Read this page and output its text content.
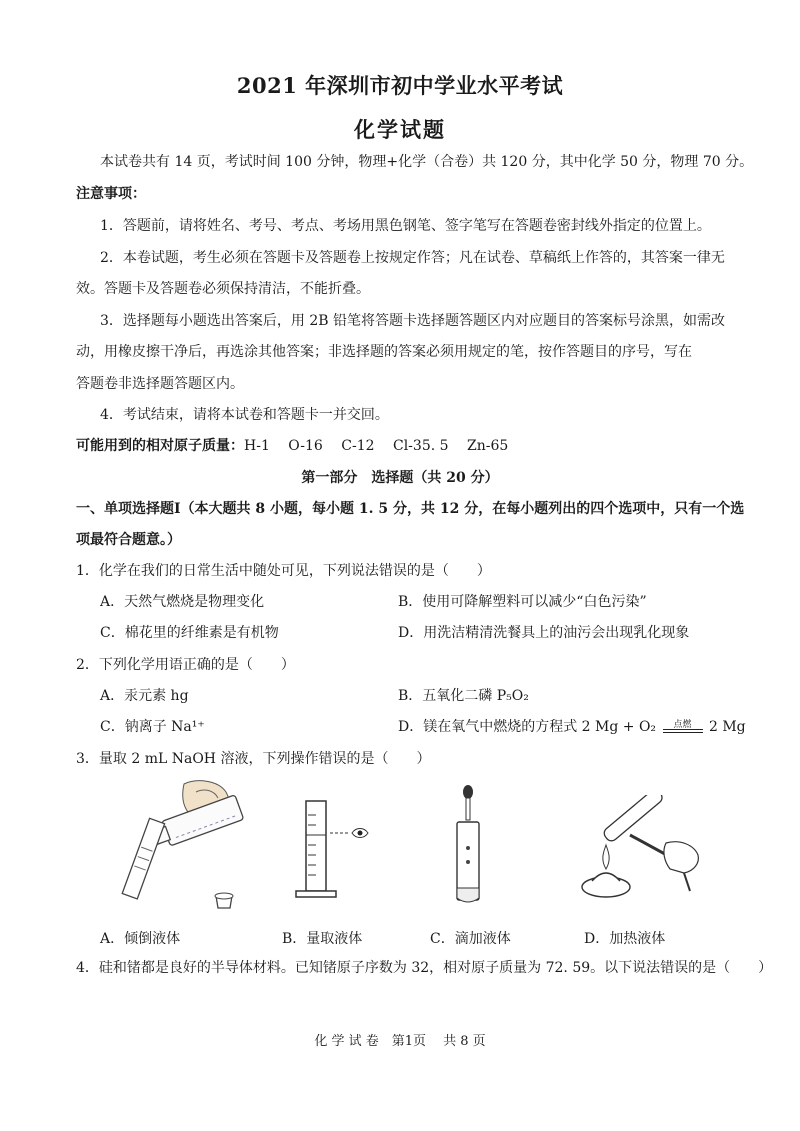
2021 年深圳市初中学业水平考试
化学试题
本试卷共有 14 页，考试时间 100 分钟，物理+化学（合卷）共 120 分，其中化学 50 分，物理 70 分。
注意事项：
1．答题前，请将姓名、考号、考点、考场用黑色钢笔、签字笔写在答题卷密封线外指定的位置上。
2．本卷试题，考生必须在答题卡及答题卷上按规定作答；凡在试卷、草稿纸上作答的，其答案一律无
效。答题卡及答题卷必须保持清洁，不能折叠。
3．选择题每小题选出答案后，用 2B 铅笔将答题卡选择题答题区内对应题目的答案标号涂黑，如需改
动，用橡皮擦干净后，再选涂其他答案；非选择题的答案必须用规定的笔，按作答题目的序号，写在
答题卷非选择题答题区内。
4．考试结束，请将本试卷和答题卡一并交回。
可能用到的相对原子质量：H-1　 O-16　 C-12　 Cl-35. 5　 Zn-65
第一部分　选择题（共 20 分）
一、单项选择题Ⅰ（本大题共 8 小题，每小题 1. 5 分，共 12 分，在每小题列出的四个选项中，只有一个选
项最符合题意。）
1．化学在我们的日常生活中随处可见，下列说法错误的是（　　）
A．天然气燃烧是物理变化	B．使用可降解塑料可以减少“白色污染”
C．棉花里的纤维素是有机物	D．用洗洁精清洗餐具上的油污会出现乳化现象
2．下列化学用语正确的是（　　）
A．汞元素 hg	B．五氧化二磷 P₅O₂
C．钠离子 Na¹⁺	D．镁在氧气中燃烧的方程式 2 Mg + O₂	点燃	2 Mg
3．量取 2 mL NaOH 溶液，下列操作错误的是（　　）
A．倾倒液体	B．量取液体	C．滴加液体	D．加热液体
4．硅和锗都是良好的半导体材料。已知锗原子序数为 32，相对原子质量为 72. 59。以下说法错误的是（　　）
化 学 试 卷　第1页　 共 8 页
